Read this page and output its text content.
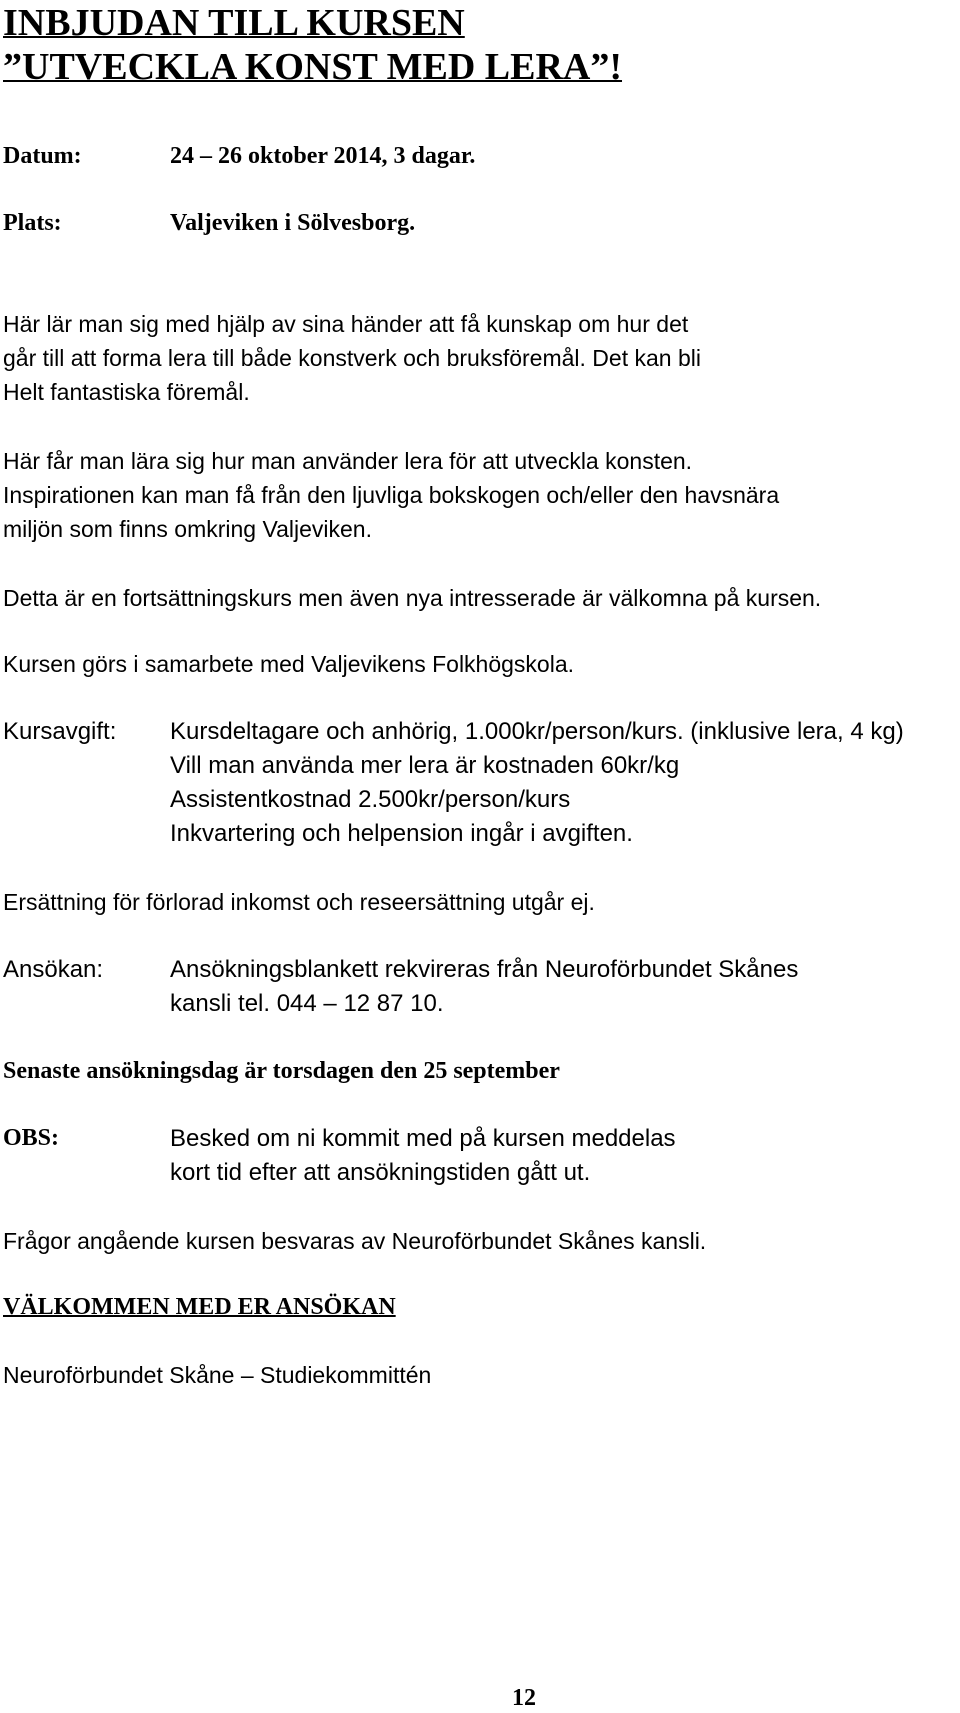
INBJUDAN TILL KURSEN
”UTVECKLA KONST MED LERA”!
Datum:	24 – 26 oktober 2014, 3 dagar.
Plats:	Valjeviken i Sölvesborg.
Här lär man sig med hjälp av sina händer att få kunskap om hur det
går till att forma lera till både konstverk och bruksföremål. Det kan bli
Helt fantastiska föremål.
Här får man lära sig hur man använder lera för att utveckla konsten.
Inspirationen kan man få från den ljuvliga bokskogen och/eller den havsnära
miljön som finns omkring Valjeviken.
Detta är en fortsättningskurs men även nya intresserade är välkomna på kursen.
Kursen görs i samarbete med Valjevikens Folkhögskola.
Kursavgift: Kursdeltagare och anhörig, 1.000kr/person/kurs. (inklusive lera, 4 kg)
Vill man använda mer lera är kostnaden 60kr/kg
Assistentkostnad 2.500kr/person/kurs
Inkvartering och helpension ingår i avgiften.
Ersättning för förlorad inkomst och reseersättning utgår ej.
Ansökan:	Ansökningsblankett rekvireras från Neuroförbundet Skånes
kansli tel. 044 – 12 87 10.
Senaste ansökningsdag är torsdagen den 25 september
OBS:	Besked om ni kommit med på kursen meddelas
kort tid efter att ansökningstiden gått ut.
Frågor angående kursen besvaras av Neuroförbundet Skånes kansli.
VÄLKOMMEN MED ER ANSÖKAN
Neuroförbundet Skåne – Studiekommittén
12
